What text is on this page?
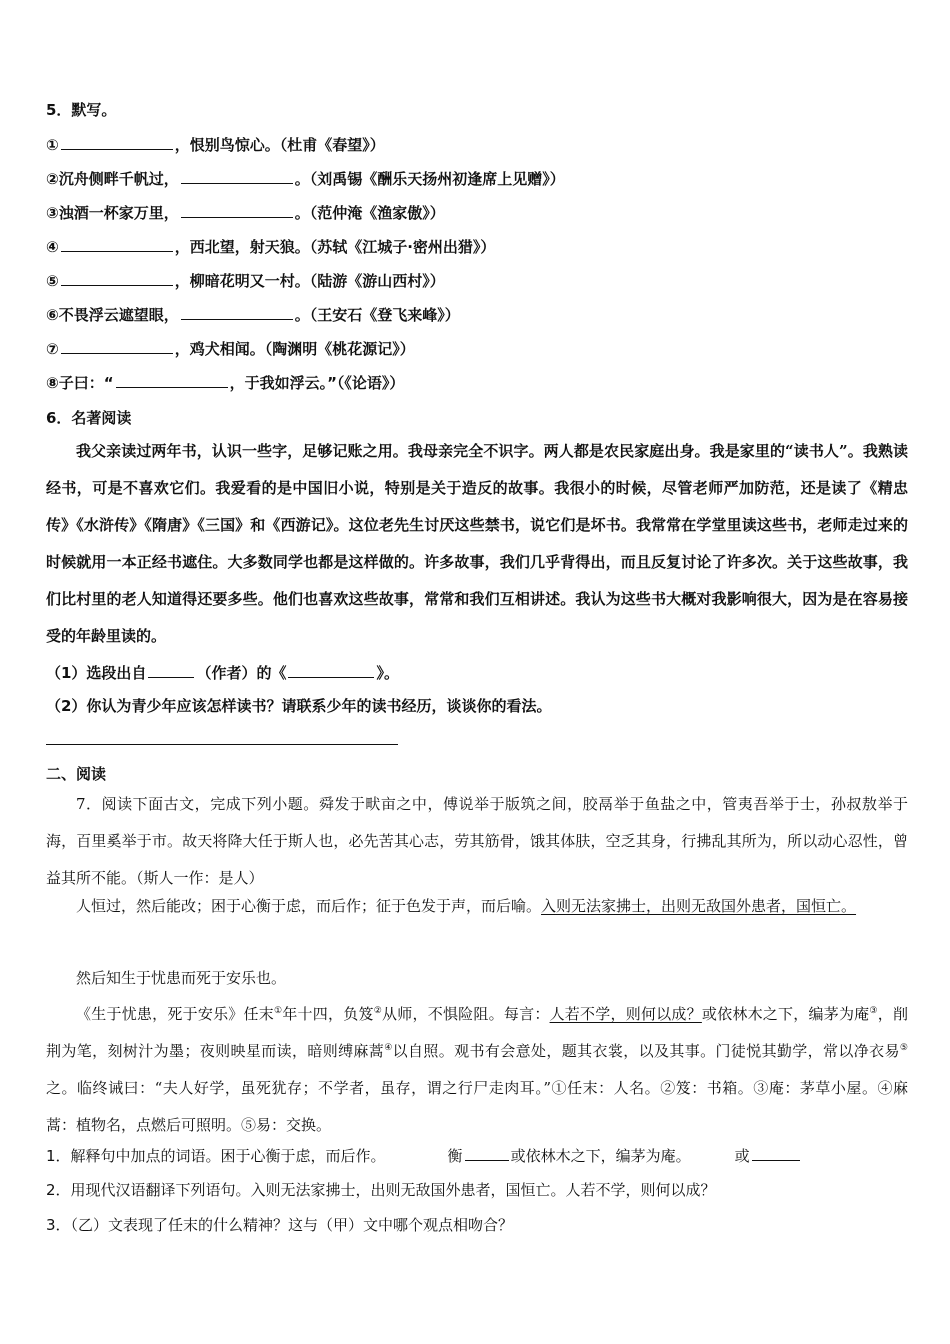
5．默写。
①	，恨别鸟惊心。（杜甫《春望》）
②沉舟侧畔千帆过，	。（刘禹锡《酬乐天扬州初逢席上见赠》）
③浊酒一杯家万里，	。（范仲淹《渔家傲》）
④	，西北望，射天狼。（苏轼《江城子·密州出猎》）
⑤	，柳暗花明又一村。（陆游《游山西村》）
⑥不畏浮云遮望眼，	。（王安石《登飞来峰》）
⑦	，鸡犬相闻。（陶渊明《桃花源记》）
⑧子曰：“	，于我如浮云。”（《论语》）
6．名著阅读
我父亲读过两年书，认识一些字，足够记账之用。我母亲完全不识字。两人都是农民家庭出身。我是家里的“读书人”。我熟读经书，可是不喜欢它们。我爱看的是中国旧小说，特别是关于造反的故事。我很小的时候，尽管老师严加防范，还是读了《精忠传》《水浒传》《隋唐》《三国》和《西游记》。这位老先生讨厌这些禁书，说它们是坏书。我常常在学堂里读这些书，老师走过来的时候就用一本正经书遮住。大多数同学也都是这样做的。许多故事，我们几乎背得出，而且反复讨论了许多次。关于这些故事，我们比村里的老人知道得还要多些。他们也喜欢这些故事，常常和我们互相讲述。我认为这些书大概对我影响很大，因为是在容易接受的年龄里读的。
（1）选段出自	（作者）的《	》。
（2）你认为青少年应该怎样读书？请联系少年的读书经历，谈谈你的看法。
二、阅读
7．阅读下面古文，完成下列小题。舜发于畎亩之中，傅说举于版筑之间，胶鬲举于鱼盐之中，管夷吾举于士，孙叔敖举于海，百里奚举于市。故天将降大任于斯人也，必先苦其心志，劳其筋骨，饿其体肤，空乏其身，行拂乱其所为，所以动心忍性，曾益其所不能。（斯人一作：是人）
人恒过，然后能改；困于心衡于虑，而后作；征于色发于声，而后喻。入则无法家拂士，出则无敌国外患者，国恒亡。
然后知生于忧患而死于安乐也。
《生于忧患，死于安乐》任末①年十四，负笈②从师，不惧险阻。每言：人若不学，则何以成？或依林木之下，编茅为庵③，削荆为笔，刻树汁为墨；夜则映星而读，暗则缚麻蒿④以自照。观书有会意处，题其衣裳，以及其事。门徒悦其勤学，常以净衣易⑤之。临终诫曰：“夫人好学，虽死犹存；不学者，虽存，谓之行尸走肉耳。”①任末：人名。②笈：书箱。③庵：茅草小屋。④麻蒿：植物名，点燃后可照明。⑤易：交换。
1．解释句中加点的词语。困于心衡于虑，而后作。	衡	或依林木之下，编茅为庵。	或
2．用现代汉语翻译下列语句。入则无法家拂士，出则无敌国外患者，国恒亡。人若不学，则何以成？
3．（乙）文表现了任末的什么精神？这与（甲）文中哪个观点相吻合？
